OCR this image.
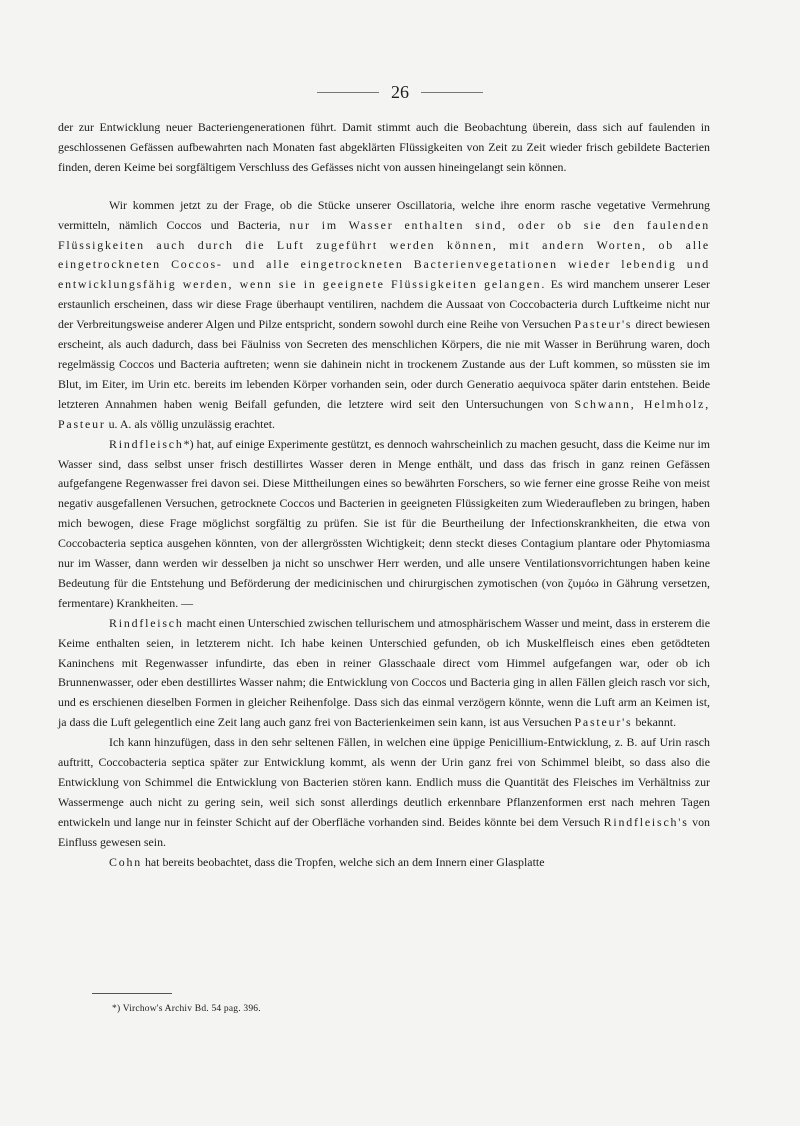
26

der zur Entwicklung neuer Bacteriengenerationen führt. Damit stimmt auch die Beobachtung überein, dass sich auf faulenden in geschlossenen Gefässen aufbewahrten nach Monaten fast abgeklärten Flüssigkeiten von Zeit zu Zeit wieder frisch gebildete Bacterien finden, deren Keime bei sorgfältigem Verschluss des Gefässes nicht von aussen hineingelangt sein können.

Wir kommen jetzt zu der Frage, ob die Stücke unserer Oscillatoria, welche ihre enorm rasche vegetative Vermehrung vermitteln, nämlich Coccos und Bacteria, nur im Wasser enthalten sind, oder ob sie den faulenden Flüssigkeiten auch durch die Luft zugeführt werden können, mit andern Worten, ob alle eingetrockneten Coccos- und alle eingetrockneten Bacterienvegetationen wieder lebendig und entwicklungsfähig werden, wenn sie in geeignete Flüssigkeiten gelangen. Es wird manchem unserer Leser erstaunlich erscheinen, dass wir diese Frage überhaupt ventiliren, nachdem die Aussaat von Coccobacteria durch Luftkeime nicht nur der Verbreitungsweise anderer Algen und Pilze entspricht, sondern sowohl durch eine Reihe von Versuchen Pasteur's direct bewiesen erscheint, als auch dadurch, dass bei Fäulniss von Secreten des menschlichen Körpers, die nie mit Wasser in Berührung waren, doch regelmässig Coccos und Bacteria auftreten; wenn sie dahinein nicht in trockenem Zustande aus der Luft kommen, so müssten sie im Blut, im Eiter, im Urin etc. bereits im lebenden Körper vorhanden sein, oder durch Generatio aequivoca später darin entstehen. Beide letzteren Annahmen haben wenig Beifall gefunden, die letztere wird seit den Untersuchungen von Schwann, Helmholz, Pasteur u. A. als völlig unzulässig erachtet.

Rindfleisch*) hat, auf einige Experimente gestützt, es dennoch wahrscheinlich zu machen gesucht, dass die Keime nur im Wasser sind, dass selbst unser frisch destillirtes Wasser deren in Menge enthält, und dass das frisch in ganz reinen Gefässen aufgefangene Regenwasser frei davon sei. Diese Mittheilungen eines so bewährten Forschers, so wie ferner eine grosse Reihe von meist negativ ausgefallenen Versuchen, getrocknete Coccos und Bacterien in geeigneten Flüssigkeiten zum Wiederaufleben zu bringen, haben mich bewogen, diese Frage möglichst sorgfältig zu prüfen. Sie ist für die Beurtheilung der Infectionskrankheiten, die etwa von Coccobacteria septica ausgehen könnten, von der allergrössten Wichtigkeit; denn steckt dieses Contagium plantare oder Phytomiasma nur im Wasser, dann werden wir desselben ja nicht so unschwer Herr werden, und alle unsere Ventilationsvorrichtungen haben keine Bedeutung für die Entstehung und Beförderung der medicinischen und chirurgischen zymotischen (von ζυμόω in Gährung versetzen, fermentare) Krankheiten. —

Rindfleisch macht einen Unterschied zwischen tellurischem und atmosphärischem Wasser und meint, dass in ersterem die Keime enthalten seien, in letzterem nicht. Ich habe keinen Unterschied gefunden, ob ich Muskelfleisch eines eben getödteten Kaninchens mit Regenwasser infundirte, das eben in reiner Glasschaale direct vom Himmel aufgefangen war, oder ob ich Brunnenwasser, oder eben destillirtes Wasser nahm; die Entwicklung von Coccos und Bacteria ging in allen Fällen gleich rasch vor sich, und es erschienen dieselben Formen in gleicher Reihenfolge. Dass sich das einmal verzögern könnte, wenn die Luft arm an Keimen ist, ja dass die Luft gelegentlich eine Zeit lang auch ganz frei von Bacterienkeimen sein kann, ist aus Versuchen Pasteur's bekannt.

Ich kann hinzufügen, dass in den sehr seltenen Fällen, in welchen eine üppige Penicillium-Entwicklung, z. B. auf Urin rasch auftritt, Coccobacteria septica später zur Entwicklung kommt, als wenn der Urin ganz frei von Schimmel bleibt, so dass also die Entwicklung von Schimmel die Entwicklung von Bacterien stören kann. Endlich muss die Quantität des Fleisches im Verhältniss zur Wassermenge auch nicht zu gering sein, weil sich sonst allerdings deutlich erkennbare Pflanzenformen erst nach mehren Tagen entwickeln und lange nur in feinster Schicht auf der Oberfläche vorhanden sind. Beides könnte bei dem Versuch Rindfleisch's von Einfluss gewesen sein.

Cohn hat bereits beobachtet, dass die Tropfen, welche sich an dem Innern einer Glasplatte

*) Virchow's Archiv Bd. 54 pag. 396.
